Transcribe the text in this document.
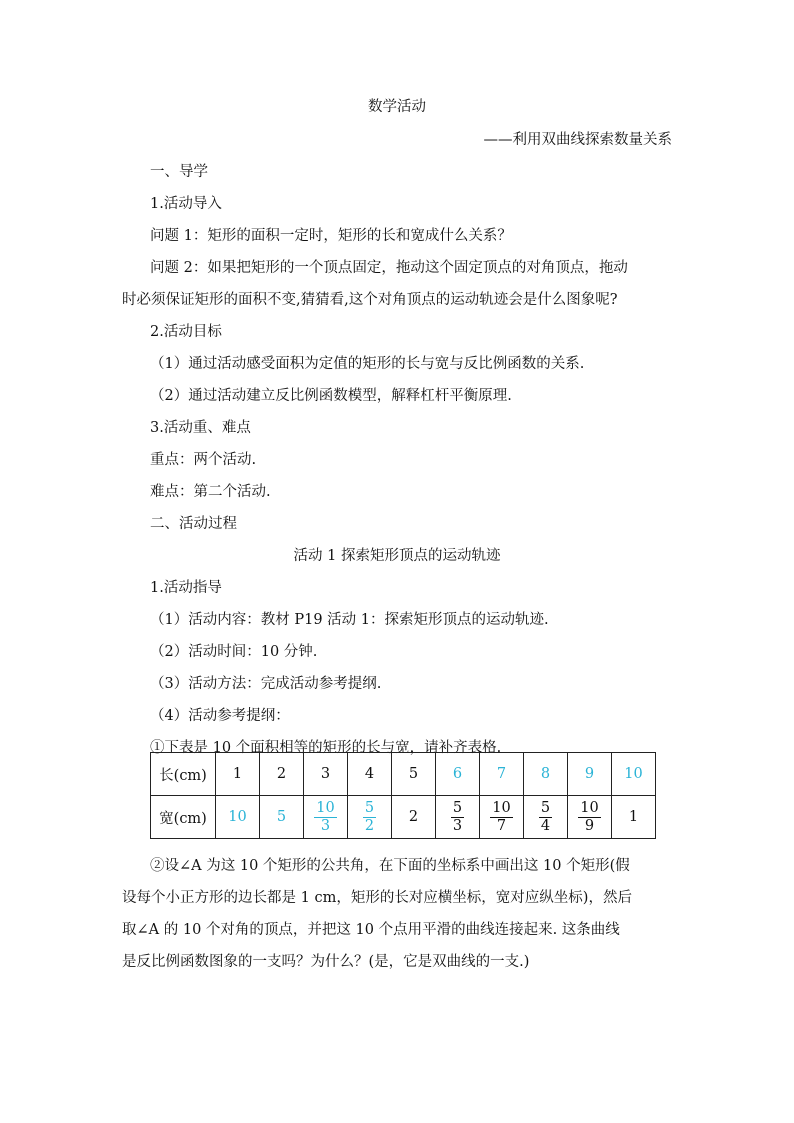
数学活动
——利用双曲线探索数量关系
一、导学
1.活动导入
问题 1：矩形的面积一定时，矩形的长和宽成什么关系？
问题 2：如果把矩形的一个顶点固定，拖动这个固定顶点的对角顶点，拖动
时必须保证矩形的面积不变,猜猜看,这个对角顶点的运动轨迹会是什么图象呢?
2.活动目标
（1）通过活动感受面积为定值的矩形的长与宽与反比例函数的关系.
（2）通过活动建立反比例函数模型，解释杠杆平衡原理.
3.活动重、难点
重点：两个活动.
难点：第二个活动.
二、活动过程
活动 1 探索矩形顶点的运动轨迹
1.活动指导
（1）活动内容：教材 P19 活动 1：探索矩形顶点的运动轨迹.
（2）活动时间：10 分钟.
（3）活动方法：完成活动参考提纲.
（4）活动参考提纲：
①下表是 10 个面积相等的矩形的长与宽，请补齐表格.
长(cm)	1	2	3	4	5	6	7	8	9	10
宽(cm)	10	5	$\frac{10}{3}$	$\frac{5}{2}$	2	$\frac{5}{3}$	$\frac{10}{7}$	$\frac{5}{4}$	$\frac{10}{9}$	1
②设∠A 为这 10 个矩形的公共角，在下面的坐标系中画出这 10 个矩形(假
设每个小正方形的边长都是 1 cm，矩形的长对应横坐标，宽对应纵坐标)，然后
取∠A 的 10 个对角的顶点，并把这 10 个点用平滑的曲线连接起来. 这条曲线
是反比例函数图象的一支吗？为什么？(是，它是双曲线的一支.)
